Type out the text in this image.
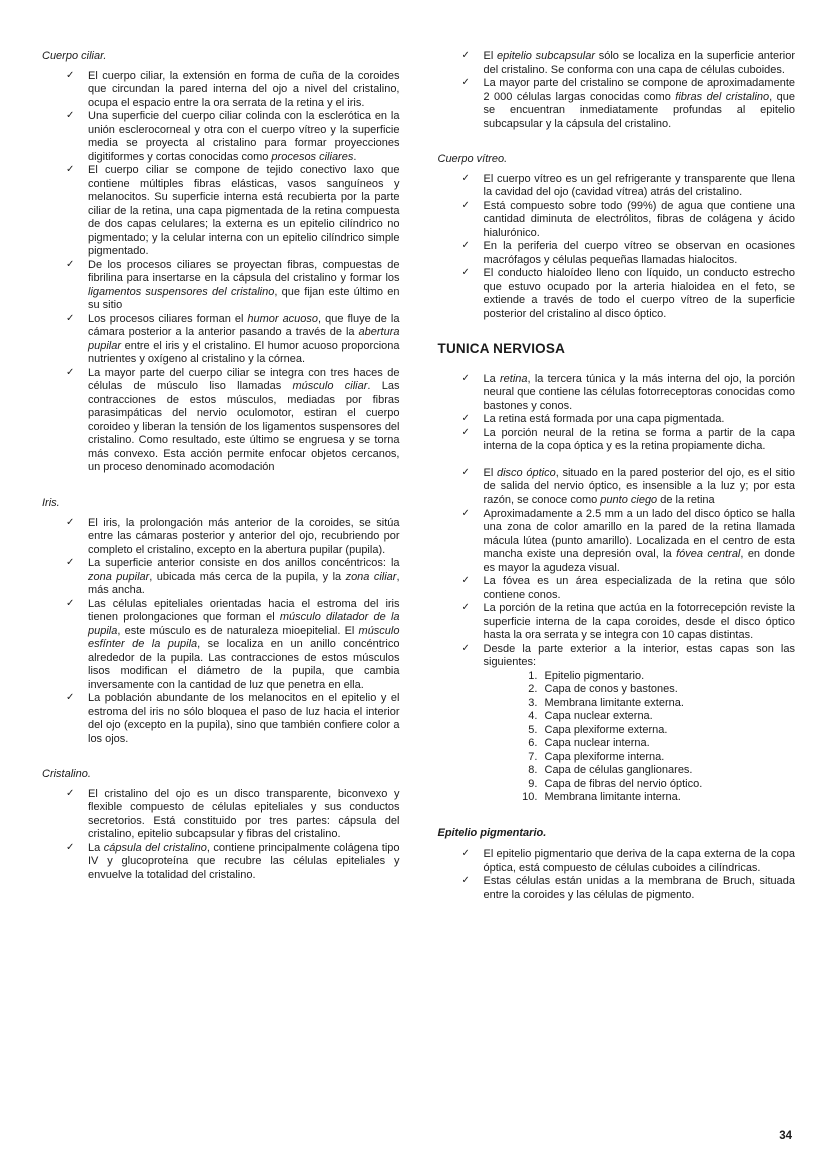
Cuerpo ciliar.
✓ El cuerpo ciliar, la extensión en forma de cuña de la coroides que circundan la pared interna del ojo a nivel del cristalino, ocupa el espacio entre la ora serrata de la retina y el iris.
✓ Una superficie del cuerpo ciliar colinda con la esclerótica en la unión esclerocorneal y otra con el cuerpo vítreo y la superficie media se proyecta al cristalino para formar proyecciones digitiformes y cortas conocidas como procesos ciliares.
✓ El cuerpo ciliar se compone de tejido conectivo laxo que contiene múltiples fibras elásticas, vasos sanguíneos y melanocitos. Su superficie interna está recubierta por la parte ciliar de la retina, una capa pigmentada de la retina compuesta de dos capas celulares; la externa es un epitelio cilíndrico no pigmentado; y la celular interna con un epitelio cilíndrico simple pigmentado.
✓ De los procesos ciliares se proyectan fibras, compuestas de fibrilina para insertarse en la cápsula del cristalino y formar los ligamentos suspensores del cristalino, que fijan este último en su sitio
✓ Los procesos ciliares forman el humor acuoso, que fluye de la cámara posterior a la anterior pasando a través de la abertura pupilar entre el iris y el cristalino. El humor acuoso proporciona nutrientes y oxígeno al cristalino y la córnea.
✓ La mayor parte del cuerpo ciliar se integra con tres haces de células de músculo liso llamadas músculo ciliar. Las contracciones de estos músculos, mediadas por fibras parasimpáticas del nervio oculomotor, estiran el cuerpo coroideo y liberan la tensión de los ligamentos suspensores del cristalino. Como resultado, este último se engruesa y se torna más convexo. Esta acción permite enfocar objetos cercanos, un proceso denominado acomodación
Iris.
✓ El iris, la prolongación más anterior de la coroides, se sitúa entre las cámaras posterior y anterior del ojo, recubriendo por completo el cristalino, excepto en la abertura pupilar (pupila).
✓ La superficie anterior consiste en dos anillos concéntricos: la zona pupilar, ubicada más cerca de la pupila, y la zona ciliar, más ancha.
✓ Las células epiteliales orientadas hacia el estroma del iris tienen prolongaciones que forman el músculo dilatador de la pupila, este músculo es de naturaleza mioepitelial. El músculo esfínter de la pupila, se localiza en un anillo concéntrico alrededor de la pupila. Las contracciones de estos músculos lisos modifican el diámetro de la pupila, que cambia inversamente con la cantidad de luz que penetra en ella.
✓ La población abundante de los melanocitos en el epitelio y el estroma del iris no sólo bloquea el paso de luz hacia el interior del ojo (excepto en la pupila), sino que también confiere color a los ojos.
Cristalino.
✓ El cristalino del ojo es un disco transparente, biconvexo y flexible compuesto de células epiteliales y sus conductos secretorios. Está constituido por tres partes: cápsula del cristalino, epitelio subcapsular y fibras del cristalino.
✓ La cápsula del cristalino, contiene principalmente colágena tipo IV y glucoproteína que recubre las células epiteliales y envuelve la totalidad del cristalino.
✓ El epitelio subcapsular sólo se localiza en la superficie anterior del cristalino. Se conforma con una capa de células cuboides.
✓ La mayor parte del cristalino se compone de aproximadamente 2 000 células largas conocidas como fibras del cristalino, que se encuentran inmediatamente profundas al epitelio subcapsular y la cápsula del cristalino.
Cuerpo vítreo.
✓ El cuerpo vítreo es un gel refrigerante y transparente que llena la cavidad del ojo (cavidad vítrea) atrás del cristalino.
✓ Está compuesto sobre todo (99%) de agua que contiene una cantidad diminuta de electrólitos, fibras de colágena y ácido hialurónico.
✓ En la periferia del cuerpo vítreo se observan en ocasiones macrófagos y células pequeñas llamadas hialocitos.
✓ El conducto hialoídeo lleno con líquido, un conducto estrecho que estuvo ocupado por la arteria hialoidea en el feto, se extiende a través de todo el cuerpo vítreo de la superficie posterior del cristalino al disco óptico.
TUNICA NERVIOSA
✓ La retina, la tercera túnica y la más interna del ojo, la porción neural que contiene las células fotorreceptoras conocidas como bastones y conos.
✓ La retina está formada por una capa pigmentada.
✓ La porción neural de la retina se forma a partir de la capa interna de la copa óptica y es la retina propiamente dicha.
✓ El disco óptico, situado en la pared posterior del ojo, es el sitio de salida del nervio óptico, es insensible a la luz y; por esta razón, se conoce como punto ciego de la retina
✓ Aproximadamente a 2.5 mm a un lado del disco óptico se halla una zona de color amarillo en la pared de la retina llamada mácula lútea (punto amarillo). Localizada en el centro de esta mancha existe una depresión oval, la fóvea central, en donde es mayor la agudeza visual.
✓ La fóvea es un área especializada de la retina que sólo contiene conos.
✓ La porción de la retina que actúa en la fotorrecepción reviste la superficie interna de la capa coroides, desde el disco óptico hasta la ora serrata y se integra con 10 capas distintas.
✓ Desde la parte exterior a la interior, estas capas son las siguientes:
1. Epitelio pigmentario.
2. Capa de conos y bastones.
3. Membrana limitante externa.
4. Capa nuclear externa.
5. Capa plexiforme externa.
6. Capa nuclear interna.
7. Capa plexiforme interna.
8. Capa de células ganglionares.
9. Capa de fibras del nervio óptico.
10. Membrana limitante interna.
Epitelio pigmentario.
✓ El epitelio pigmentario que deriva de la capa externa de la copa óptica, está compuesto de células cuboides a cilíndricas.
✓ Estas células están unidas a la membrana de Bruch, situada entre la coroides y las células de pigmento.
34
